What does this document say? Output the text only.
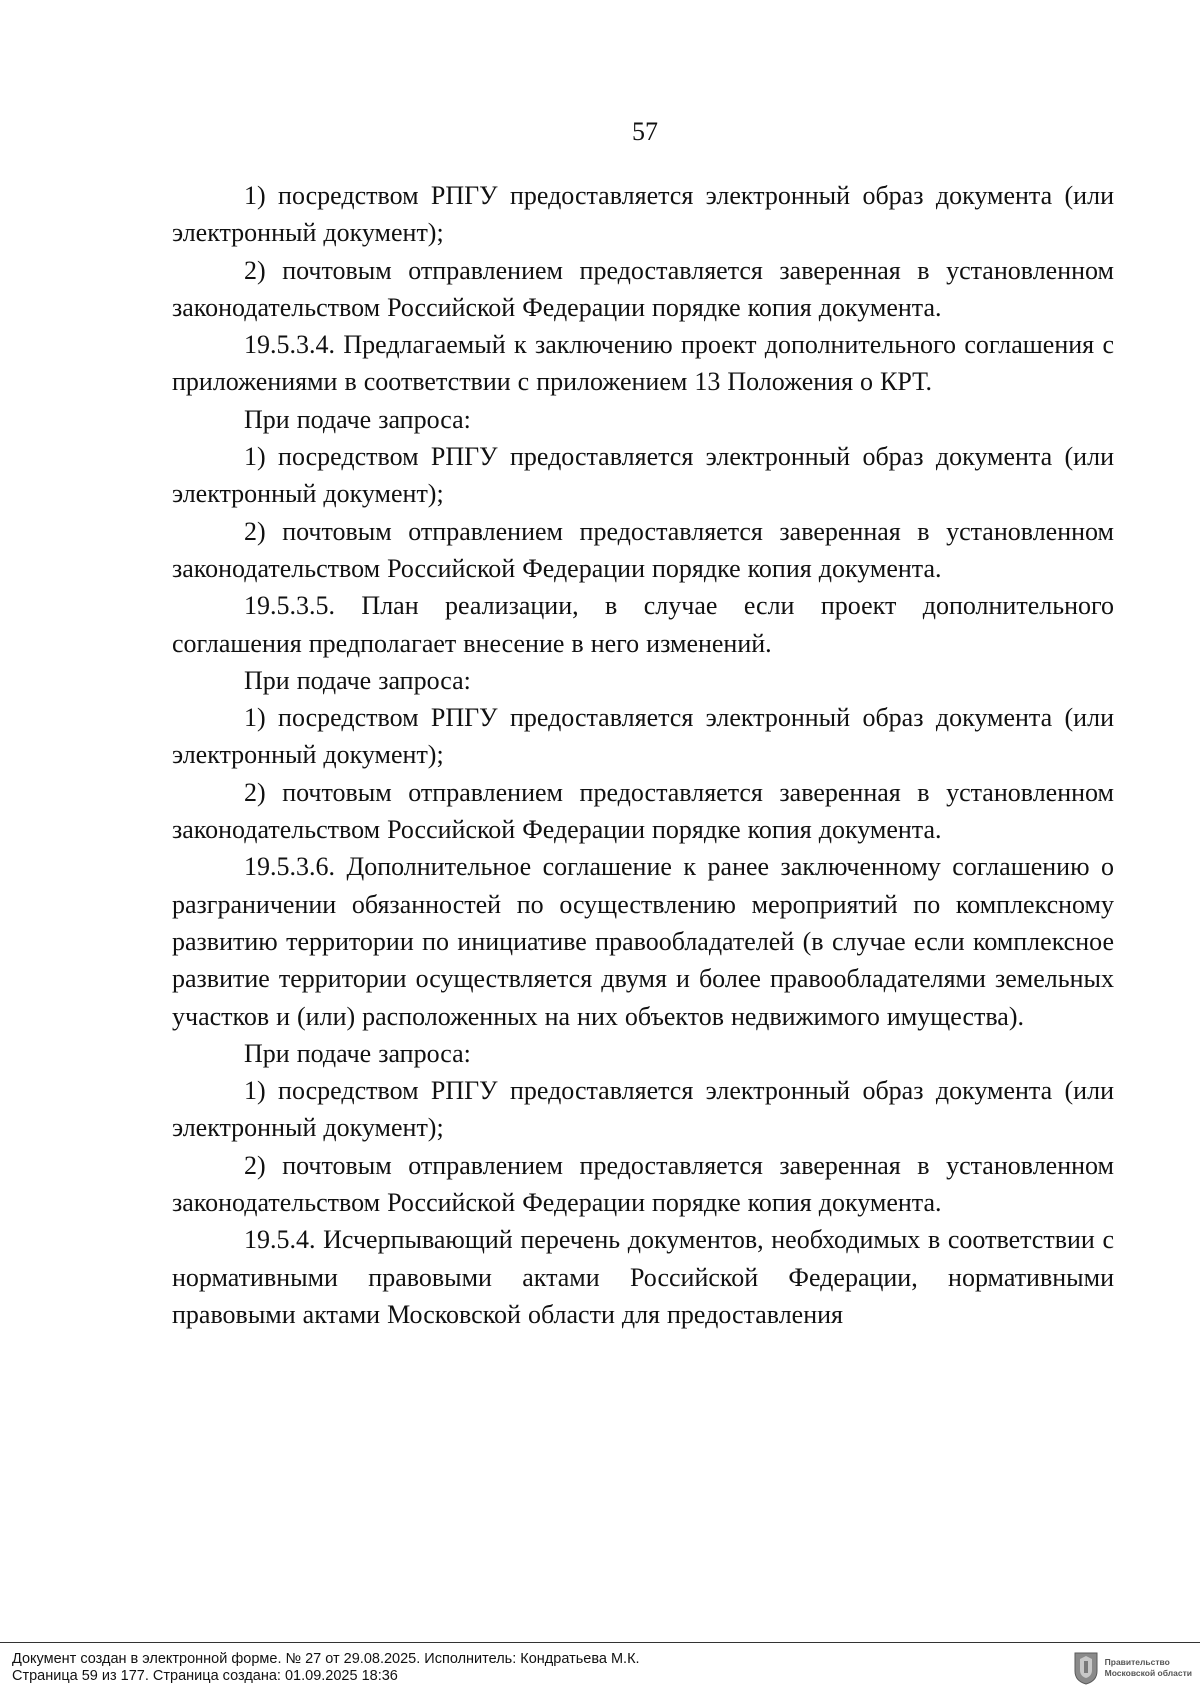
57

1) посредством РПГУ предоставляется электронный образ документа (или электронный документ);

2) почтовым отправлением предоставляется заверенная в установленном законодательством Российской Федерации порядке копия документа.

19.5.3.4. Предлагаемый к заключению проект дополнительного соглашения с приложениями в соответствии с приложением 13 Положения о КРТ.

При подаче запроса:

1) посредством РПГУ предоставляется электронный образ документа (или электронный документ);

2) почтовым отправлением предоставляется заверенная в установленном законодательством Российской Федерации порядке копия документа.

19.5.3.5. План реализации, в случае если проект дополнительного соглашения предполагает внесение в него изменений.

При подаче запроса:

1) посредством РПГУ предоставляется электронный образ документа (или электронный документ);

2) почтовым отправлением предоставляется заверенная в установленном законодательством Российской Федерации порядке копия документа.

19.5.3.6. Дополнительное соглашение к ранее заключенному соглашению о разграничении обязанностей по осуществлению мероприятий по комплексному развитию территории по инициативе правообладателей (в случае если комплексное развитие территории осуществляется двумя и более правообладателями земельных участков и (или) расположенных на них объектов недвижимого имущества).

При подаче запроса:

1) посредством РПГУ предоставляется электронный образ документа (или электронный документ);

2) почтовым отправлением предоставляется заверенная в установленном законодательством Российской Федерации порядке копия документа.

19.5.4. Исчерпывающий перечень документов, необходимых в соответствии с нормативными правовыми актами Российской Федерации, нормативными правовыми актами Московской области для предоставления

Документ создан в электронной форме. № 27 от 29.08.2025. Исполнитель: Кондратьева М.К.
Страница 59 из 177. Страница создана: 01.09.2025 18:36
Правительство
Московской области
